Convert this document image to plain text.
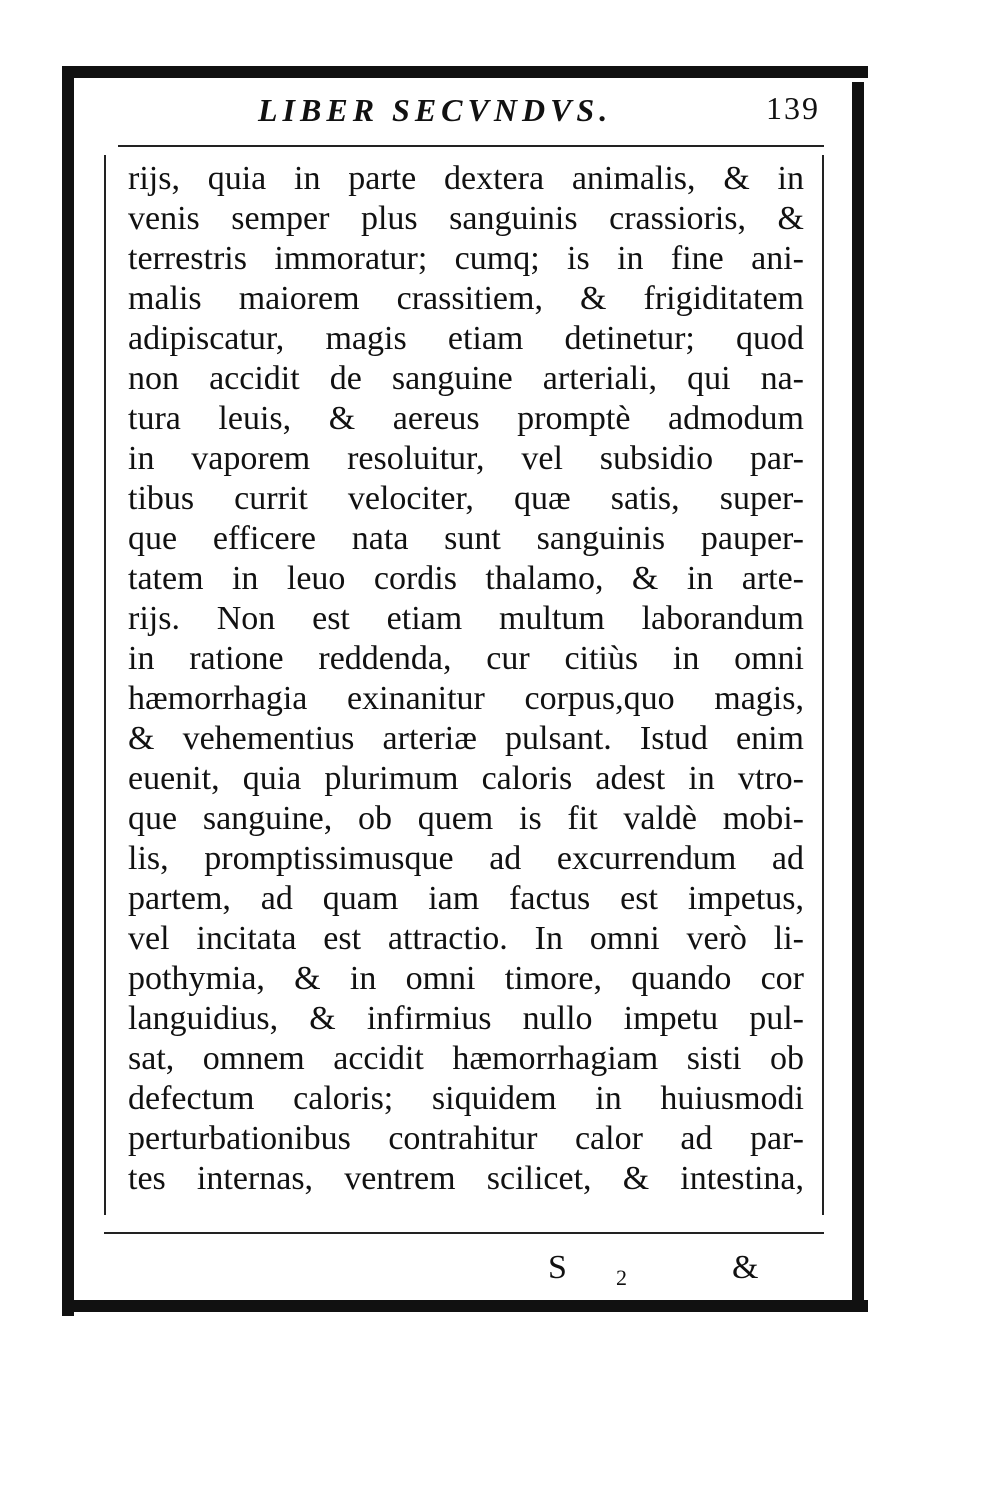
LIBER SECVNDVS.	139
rijs, quia in parte dextera animalis, & in
venis semper plus sanguinis crassioris, &
terrestris immoratur; cumq; is in fine ani-
malis maiorem crassitiem, & frigiditatem
adipiscatur, magis etiam detinetur; quod
non accidit de sanguine arteriali, qui na-
tura leuis, & aereus promptè admodum
in vaporem resoluitur, vel subsidio par-
tibus currit velociter, quæ satis, super-
que efficere nata sunt sanguinis pauper-
tatem in leuo cordis thalamo, & in arte-
rijs. Non est etiam multum laborandum
in ratione reddenda, cur citiùs in omni
hæmorrhagia exinanitur corpus,quo magis,
& vehementius arteriæ pulsant. Istud enim
euenit, quia plurimum caloris adest in vtro-
que sanguine, ob quem is fit valdè mobi-
lis, promptissimusque ad excurrendum ad
partem, ad quam iam factus est impetus,
vel incitata est attractio. In omni verò li-
pothymia, & in omni timore, quando cor
languidius, & infirmius nullo impetu pul-
sat, omnem accidit hæmorrhagiam sisti ob
defectum caloris; siquidem in huiusmodi
perturbationibus contrahitur calor ad par-
tes internas, ventrem scilicet, & intestina,
S 2	&
